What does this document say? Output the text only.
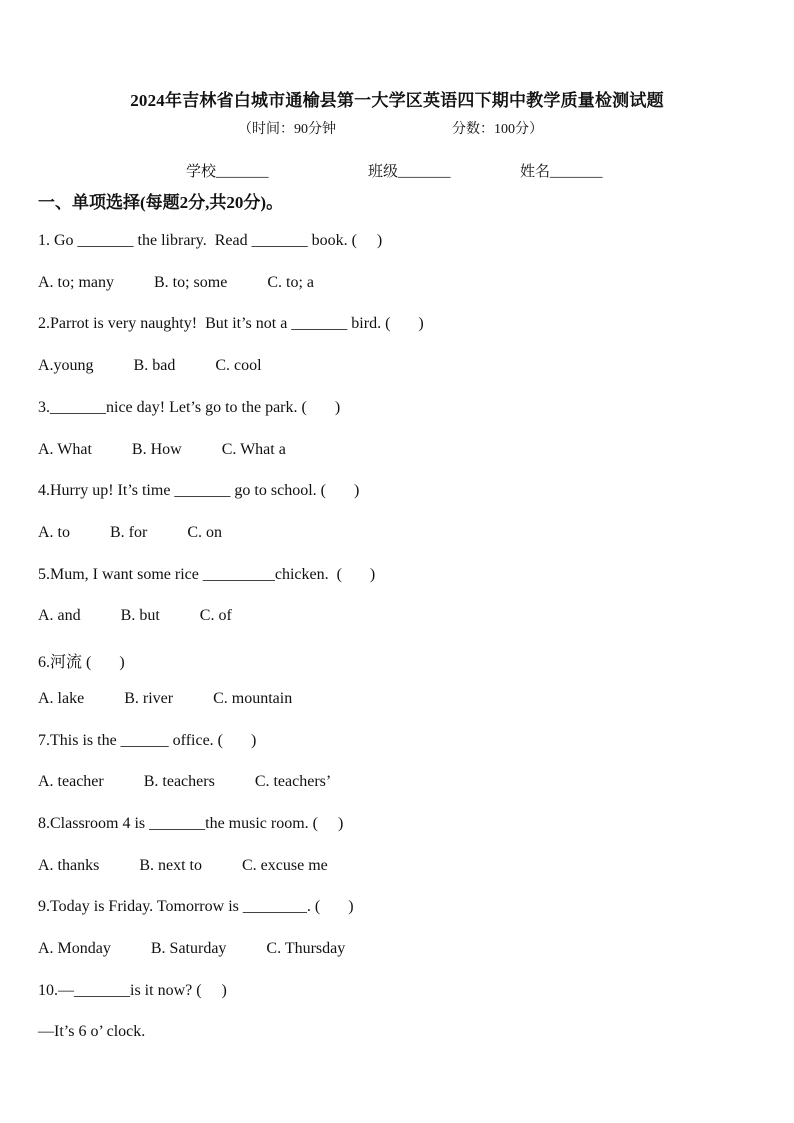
2024年吉林省白城市通榆县第一大学区英语四下期中教学质量检测试题
（时间：90分钟	分数：100分）
学校_______	班级_______	姓名_______
一、单项选择(每题2分,共20分)。
1. Go _______ the library.  Read _______ book. (     )
A. to; many          B. to; some          C. to; a
2.Parrot is very naughty!  But it’s not a _______ bird. (       )
A.young          B. bad          C. cool
3._______nice day! Let’s go to the park. (       )
A. What          B. How          C. What a
4.Hurry up! It’s time _______ go to school. (       )
A. to          B. for          C. on
5.Mum, I want some rice _________chicken.  (       )
A. and          B. but          C. of
6.河流 (       )
A. lake          B. river          C. mountain
7.This is the ______ office. (       )
A. teacher          B. teachers          C. teachers’
8.Classroom 4 is _______the music room. (     )
A. thanks          B. next to          C. excuse me
9.Today is Friday. Tomorrow is ________. (       )
A. Monday          B. Saturday          C. Thursday
10.—_______is it now? (     )
—It’s 6 o’ clock.
